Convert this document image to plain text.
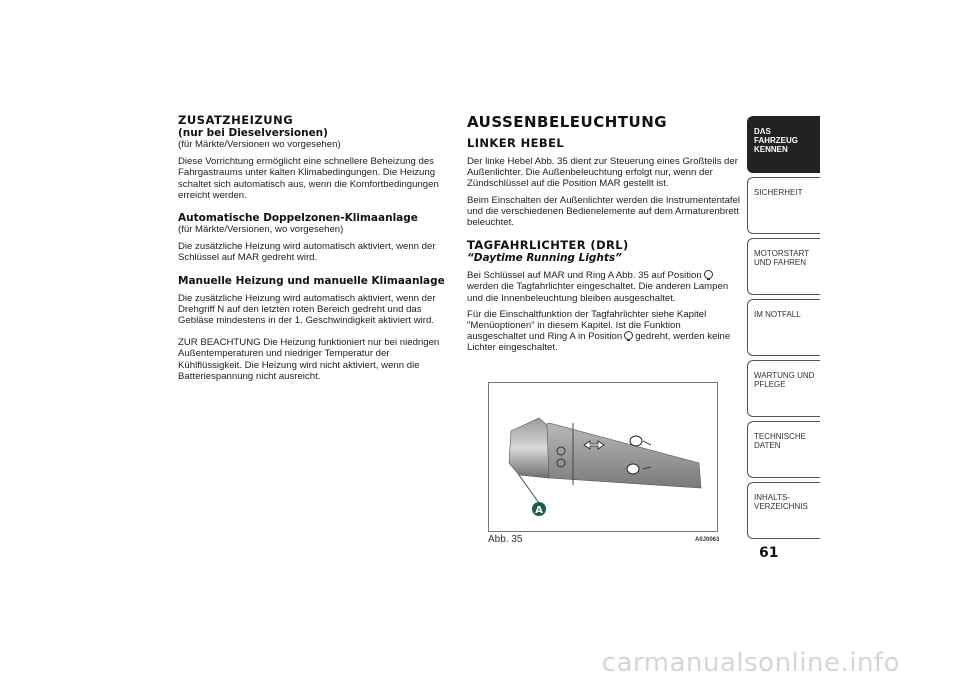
ZUSATZHEIZUNG
(nur bei Dieselversionen)

(für Märkte/Versionen wo vorgesehen)

Diese Vorrichtung ermöglicht eine schnellere Beheizung des Fahrgastraums unter kalten Klimabedingungen. Die Heizung schaltet sich automatisch aus, wenn die Komfortbedingungen erreicht werden.

Automatische Doppelzonen-Klimaanlage

(für Märkte/Versionen, wo vorgesehen)

Die zusätzliche Heizung wird automatisch aktiviert, wenn der Schlüssel auf MAR gedreht wird.

Manuelle Heizung und manuelle Klimaanlage

Die zusätzliche Heizung wird automatisch aktiviert, wenn der Drehgriff N auf den letzten roten Bereich gedreht und das Gebläse mindestens in der 1. Geschwindigkeit aktiviert wird.

ZUR BEACHTUNG Die Heizung funktioniert nur bei niedrigen Außentemperaturen und niedriger Temperatur der Kühlflüssigkeit. Die Heizung wird nicht aktiviert, wenn die Batteriespannung nicht ausreicht.

AUSSENBELEUCHTUNG
LINKER HEBEL

Der linke Hebel Abb. 35 dient zur Steuerung eines Großteils der Außenlichter. Die Außenbeleuchtung erfolgt nur, wenn der Zündschlüssel auf die Position MAR gestellt ist.

Beim Einschalten der Außenlichter werden die Instrumententafel und die verschiedenen Bedienelemente auf dem Armaturenbrett beleuchtet.

TAGFAHRLICHTER (DRL)
“Daytime Running Lights”

Bei Schlüssel auf MAR und Ring A Abb. 35 auf Positionwerden die Tagfahrlichter eingeschaltet. Die anderen Lampen und die Innenbeleuchtung bleiben ausgeschaltet.

Für die Einschaltfunktion der Tagfahrlichter siehe Kapitel "Menüoptionen" in diesem Kapitel. Ist die Funktion ausgeschaltet und Ring A in Position gedreht, werden keine Lichter eingeschaltet.

A
Abb. 35	A0J0063
DAS FAHRZEUG KENNEN
SICHERHEIT
MOTORSTART UND FAHREN
IM NOTFALL
WARTUNG UND PFLEGE
TECHNISCHE DATEN
INHALTS-VERZEICHNIS
61
carmanualsonline.info
